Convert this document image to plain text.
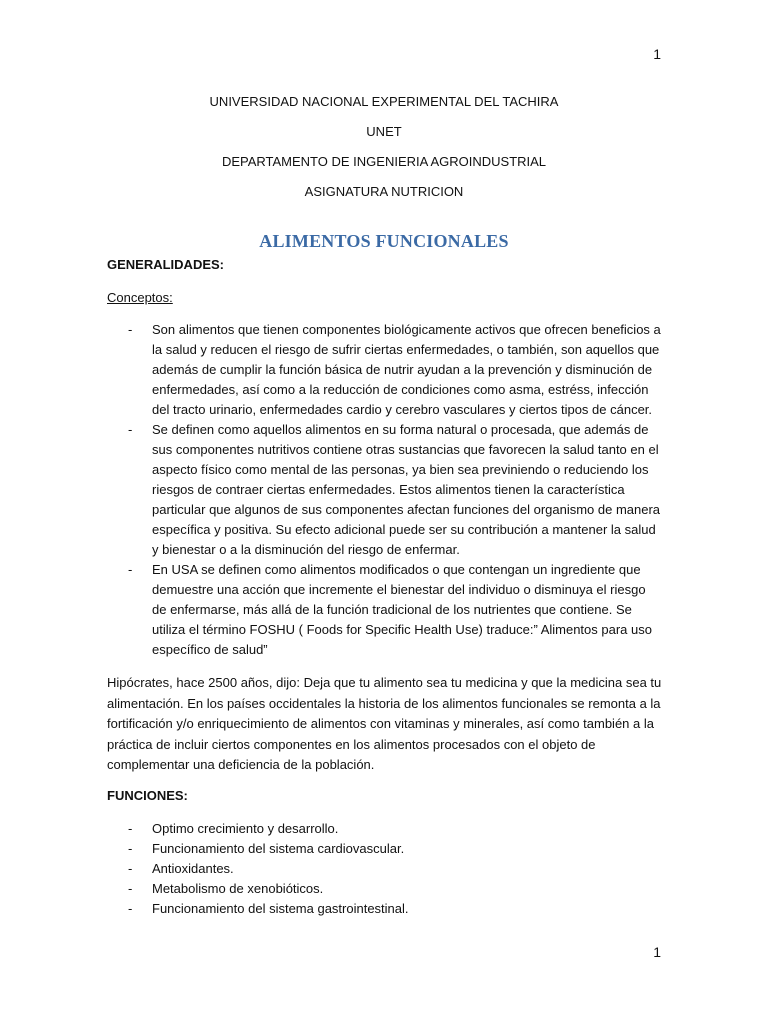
1
UNIVERSIDAD NACIONAL EXPERIMENTAL DEL TACHIRA
UNET
DEPARTAMENTO DE INGENIERIA AGROINDUSTRIAL
ASIGNATURA NUTRICION
ALIMENTOS FUNCIONALES
GENERALIDADES:
Conceptos:
- Son alimentos que tienen componentes biológicamente activos que ofrecen beneficios a la salud y reducen el riesgo de sufrir ciertas enfermedades, o también, son aquellos que además de cumplir la función básica de nutrir ayudan a la prevención y disminución de enfermedades, así como a la reducción de condiciones como asma, estréss, infección del tracto urinario, enfermedades cardio y cerebro vasculares y ciertos tipos de cáncer.
- Se definen como aquellos alimentos en su forma natural o procesada, que además de sus componentes nutritivos contiene otras sustancias que favorecen la salud tanto en el aspecto físico como mental de las personas, ya bien sea previniendo o reduciendo los riesgos de contraer ciertas enfermedades. Estos alimentos tienen la característica particular que algunos de sus componentes afectan funciones del organismo de manera específica y positiva. Su efecto adicional puede ser su contribución a mantener la salud y bienestar o a la disminución del riesgo de enfermar.
- En USA se definen como alimentos modificados o que contengan un ingrediente que demuestre una acción que incremente el bienestar del individuo o disminuya el riesgo de enfermarse, más allá de la función tradicional de los nutrientes que contiene. Se utiliza el término FOSHU ( Foods for Specific Health Use) traduce:” Alimentos para uso específico de salud”
Hipócrates, hace 2500 años, dijo: Deja que tu alimento sea tu medicina y que la medicina sea tu alimentación. En los países occidentales la historia de los alimentos funcionales se remonta a la fortificación y/o enriquecimiento de alimentos con vitaminas y minerales, así como también a la práctica de incluir ciertos componentes en los alimentos procesados con el objeto de complementar una deficiencia de la población.
FUNCIONES:
- Optimo crecimiento y desarrollo.
- Funcionamiento del sistema cardiovascular.
- Antioxidantes.
- Metabolismo de xenobióticos.
- Funcionamiento del sistema gastrointestinal.
1
